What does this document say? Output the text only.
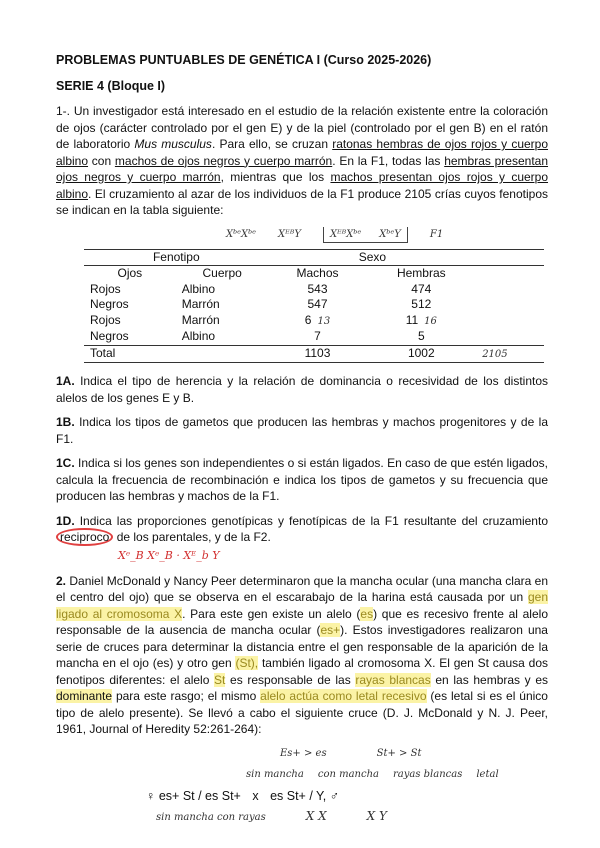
PROBLEMAS PUNTUABLES DE GENÉTICA I (Curso 2025-2026)
SERIE 4 (Bloque I)
1-. Un investigador está interesado en el estudio de la relación existente entre la coloración de ojos (carácter controlado por el gen E) y de la piel (controlado por el gen B) en el ratón de laboratorio Mus musculus. Para ello, se cruzan ratonas hembras de ojos rojos y cuerpo albino con machos de ojos negros y cuerpo marrón. En la F1, todas las hembras presentan ojos negros y cuerpo marrón, mientras que los machos presentan ojos rojos y cuerpo albino. El cruzamiento al azar de los individuos de la F1 produce 2105 crías cuyos fenotipos se indican en la tabla siguiente:
XᵇᵉXᵇᵉ XᴱᴮY	XᴱᴮXᵇᵉ XᵇᵉY	F1
Fenotipo		Sexo		
Ojos	Cuerpo	Machos	Hembras	
Rojos	Albino	543	474	
Negros	Marrón	547	512	
Rojos	Marrón	6 13	11 16	
Negros	Albino	7	5	
Total		1103	1002	2105
1A. Indica el tipo de herencia y la relación de dominancia o recesividad de los distintos alelos de los genes E y B.
1B. Indica los tipos de gametos que producen las hembras y machos progenitores y de la F1.
1C. Indica si los genes son independientes o si están ligados. En caso de que estén ligados, calcula la frecuencia de recombinación e indica los tipos de gametos y su frecuencia que producen las hembras y machos de la F1.
1D. Indica las proporciones genotípicas y fenotípicas de la F1 resultante del cruzamiento reciproco de los parentales, y de la F2.
Xᵉ_B Xᵉ_B · Xᴱ_b Y
2. Daniel McDonald y Nancy Peer determinaron que la mancha ocular (una mancha clara en el centro del ojo) que se observa en el escarabajo de la harina está causada por un gen ligado al cromosoma X. Para este gen existe un alelo (es) que es recesivo frente al alelo responsable de la ausencia de mancha ocular (es+). Estos investigadores realizaron una serie de cruces para determinar la distancia entre el gen responsable de la aparición de la mancha en el ojo (es) y otro gen (St), también ligado al cromosoma X. El gen St causa dos fenotipos diferentes: el alelo St es responsable de las rayas blancas en las hembras y es dominante para este rasgo; el mismo alelo actúa como letal recesivo (es letal si es el único tipo de alelo presente). Se llevó a cabo el siguiente cruce (D. J. McDonald y N. J. Peer, 1961, Journal of Heredity 52:261-264):
Es+ > es	St+ > St
sin mancha con mancha rayas blancas letal
♀ es+ St / es St+ x es St+ / Y, ♂
sin mancha con rayas	X X	X Y
